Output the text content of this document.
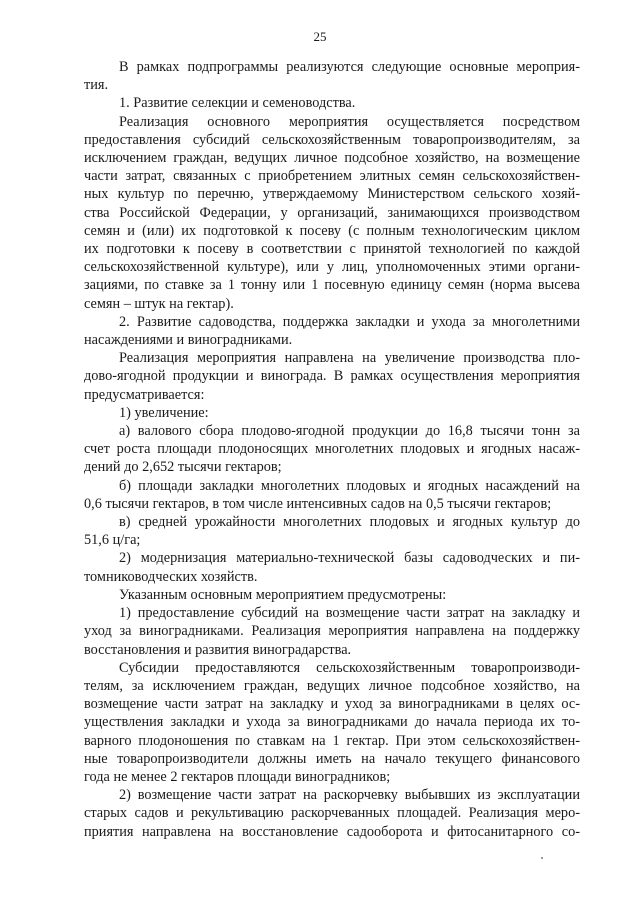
25
В рамках подпрограммы реализуются следующие основные мероприя-
тия.
1. Развитие селекции и семеноводства.
Реализация основного мероприятия осуществляется посредством
предоставления субсидий сельскохозяйственным товаропроизводителям, за
исключением граждан, ведущих личное подсобное хозяйство, на возмещение
части затрат, связанных с приобретением элитных семян сельскохозяйствен-
ных культур по перечню, утверждаемому Министерством сельского хозяй-
ства Российской Федерации, у организаций, занимающихся производством
семян и (или) их подготовкой к посеву (с полным технологическим циклом
их подготовки к посеву в соответствии с принятой технологией по каждой
сельскохозяйственной культуре), или у лиц, уполномоченных этими органи-
зациями, по ставке за 1 тонну или 1 посевную единицу семян (норма высева
семян – штук на гектар).
2. Развитие садоводства, поддержка закладки и ухода за многолетними
насаждениями и виноградниками.
Реализация мероприятия направлена на увеличение производства пло-
дово-ягодной продукции и винограда. В рамках осуществления мероприятия
предусматривается:
1) увеличение:
а) валового сбора плодово-ягодной продукции до 16,8 тысячи тонн за
счет роста площади плодоносящих многолетних плодовых и ягодных насаж-
дений до 2,652 тысячи гектаров;
б) площади закладки многолетних плодовых и ягодных насаждений на
0,6 тысячи гектаров, в том числе интенсивных садов на 0,5 тысячи гектаров;
в) средней урожайности многолетних плодовых и ягодных культур до
51,6 ц/га;
2) модернизация материально-технической базы садоводческих и пи-
томниководческих хозяйств.
Указанным основным мероприятием предусмотрены:
1) предоставление субсидий на возмещение части затрат на закладку и
уход за виноградниками. Реализация мероприятия направлена на поддержку
восстановления и развития виноградарства.
Субсидии предоставляются сельскохозяйственным товаропроизводи-
телям, за исключением граждан, ведущих личное подсобное хозяйство, на
возмещение части затрат на закладку и уход за виноградниками в целях ос-
уществления закладки и ухода за виноградниками до начала периода их то-
варного плодоношения по ставкам на 1 гектар. При этом сельскохозяйствен-
ные товаропроизводители должны иметь на начало текущего финансового
года не менее 2 гектаров площади виноградников;
2) возмещение части затрат на раскорчевку выбывших из эксплуатации
старых садов и рекультивацию раскорчеванных площадей. Реализация меро-
приятия направлена на восстановление садооборота и фитосанитарного со-
